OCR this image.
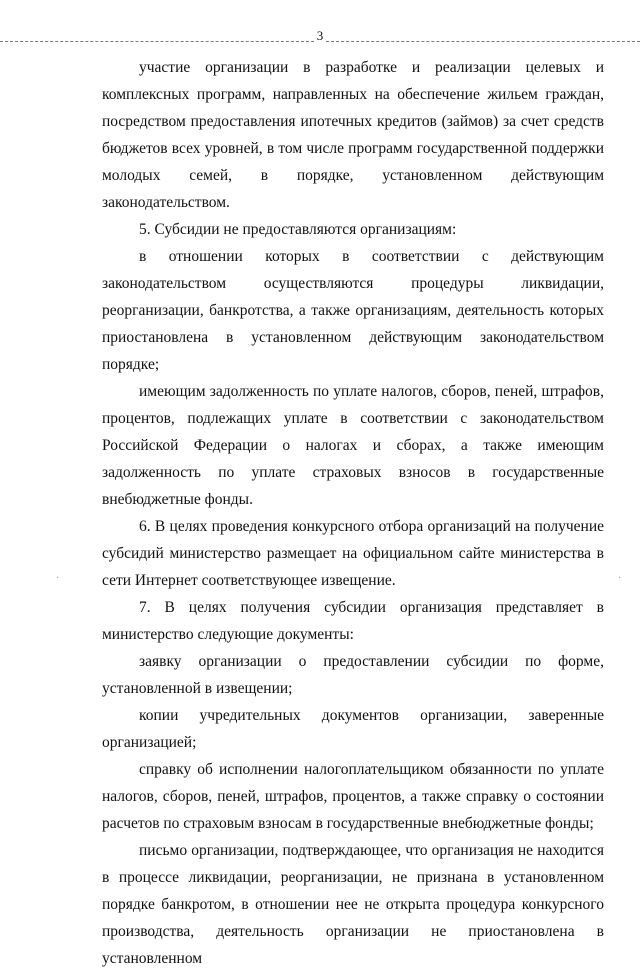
3

участие организации в разработке и реализации целевых и комплексных программ, направленных на обеспечение жильем граждан, посредством предоставления ипотечных кредитов (займов) за счет средств бюджетов всех уровней, в том числе программ государственной поддержки молодых семей, в порядке, установленном действующим законодательством.

5. Субсидии не предоставляются организациям:

в отношении которых в соответствии с действующим законодательством осуществляются процедуры ликвидации, реорганизации, банкротства, а также организациям, деятельность которых приостановлена в установленном действующим законодательством порядке;

имеющим задолженность по уплате налогов, сборов, пеней, штрафов, процентов, подлежащих уплате в соответствии с законодательством Российской Федерации о налогах и сборах, а также имеющим задолженность по уплате страховых взносов в государственные внебюджетные фонды.

6. В целях проведения конкурсного отбора организаций на получение субсидий министерство размещает на официальном сайте министерства в сети Интернет соответствующее извещение.

7. В целях получения субсидии организация представляет в министерство следующие документы:

заявку организации о предоставлении субсидии по форме, установленной в извещении;

копии учредительных документов организации, заверенные организацией;

справку об исполнении налогоплательщиком обязанности по уплате налогов, сборов, пеней, штрафов, процентов, а также справку о состоянии расчетов по страховым взносам в государственные внебюджетные фонды;

письмо организации, подтверждающее, что организация не находится в процессе ликвидации, реорганизации, не признана в установленном порядке банкротом, в отношении нее не открыта процедура конкурсного производства, деятельность организации не приостановлена в установленном

·	·
